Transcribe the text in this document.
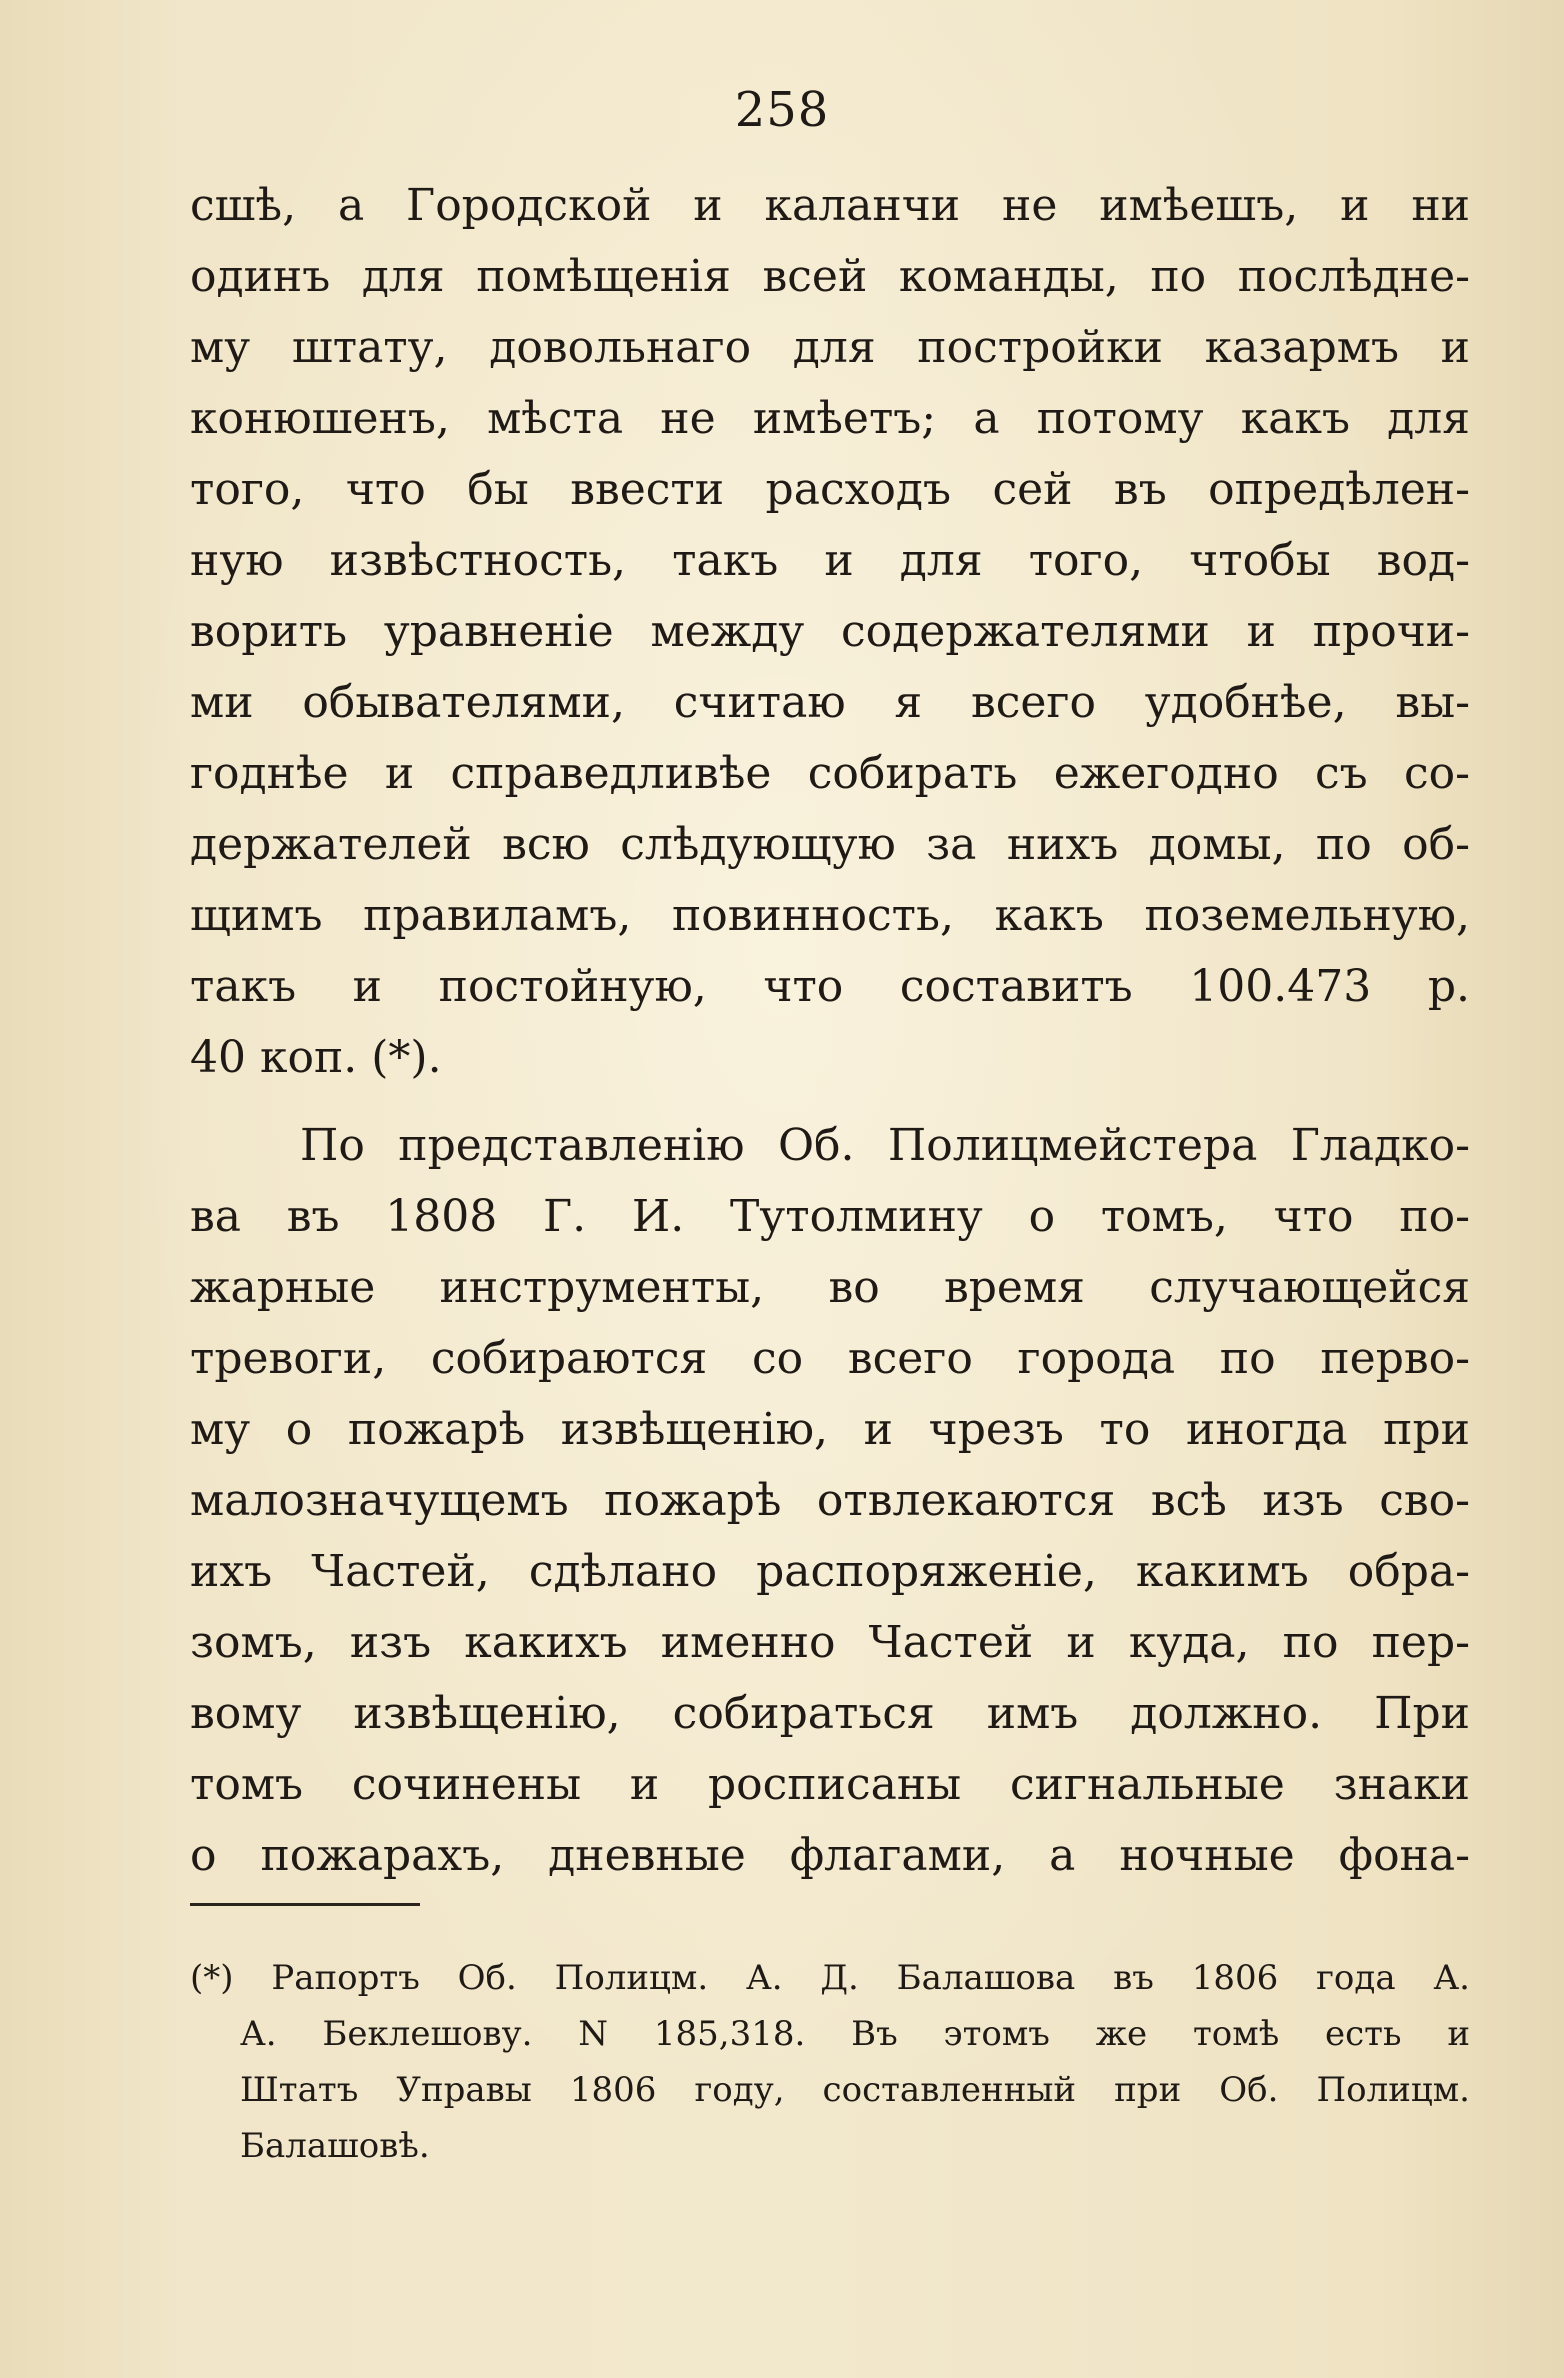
258
сшѣ, а Городской и каланчи не имѣешъ, и ни
одинъ для помѣщенія всей команды, по послѣдне-
му штату, довольнаго для постройки казармъ и
конюшенъ, мѣста не имѣетъ; а потому какъ для
того, что бы ввести расходъ сей въ опредѣлен-
ную извѣстность, такъ и для того, чтобы вод-
ворить уравненіе между содержателями и прочи-
ми обывателями, считаю я всего удобнѣе, вы-
годнѣе и справедливѣе собирать ежегодно съ со-
держателей всю слѣдующую за нихъ домы, по об-
щимъ правиламъ, повинность, какъ поземельную,
такъ и постойную, что составитъ 100.473 р.
40 коп. (*).
По представленію Об. Полицмейстера Гладко-
ва въ 1808 Г. И. Тутолмину о томъ, что по-
жарные инструменты, во время случающейся
тревоги, собираются со всего города по перво-
му о пожарѣ извѣщенію, и чрезъ то иногда при
малозначущемъ пожарѣ отвлекаются всѣ изъ сво-
ихъ Частей, сдѣлано распоряженіе, какимъ обра-
зомъ, изъ какихъ именно Частей и куда, по пер-
вому извѣщенію, собираться имъ должно. При
томъ сочинены и росписаны сигнальные знаки
о пожарахъ, дневные флагами, а ночные фона-
(*) Рапортъ Об. Полицм. А. Д. Балашова въ 1806 года А.
А. Беклешову. N 185,318. Въ этомъ же томѣ есть и
Штатъ Управы 1806 году, составленный при Об. Полицм.
Балашовѣ.
